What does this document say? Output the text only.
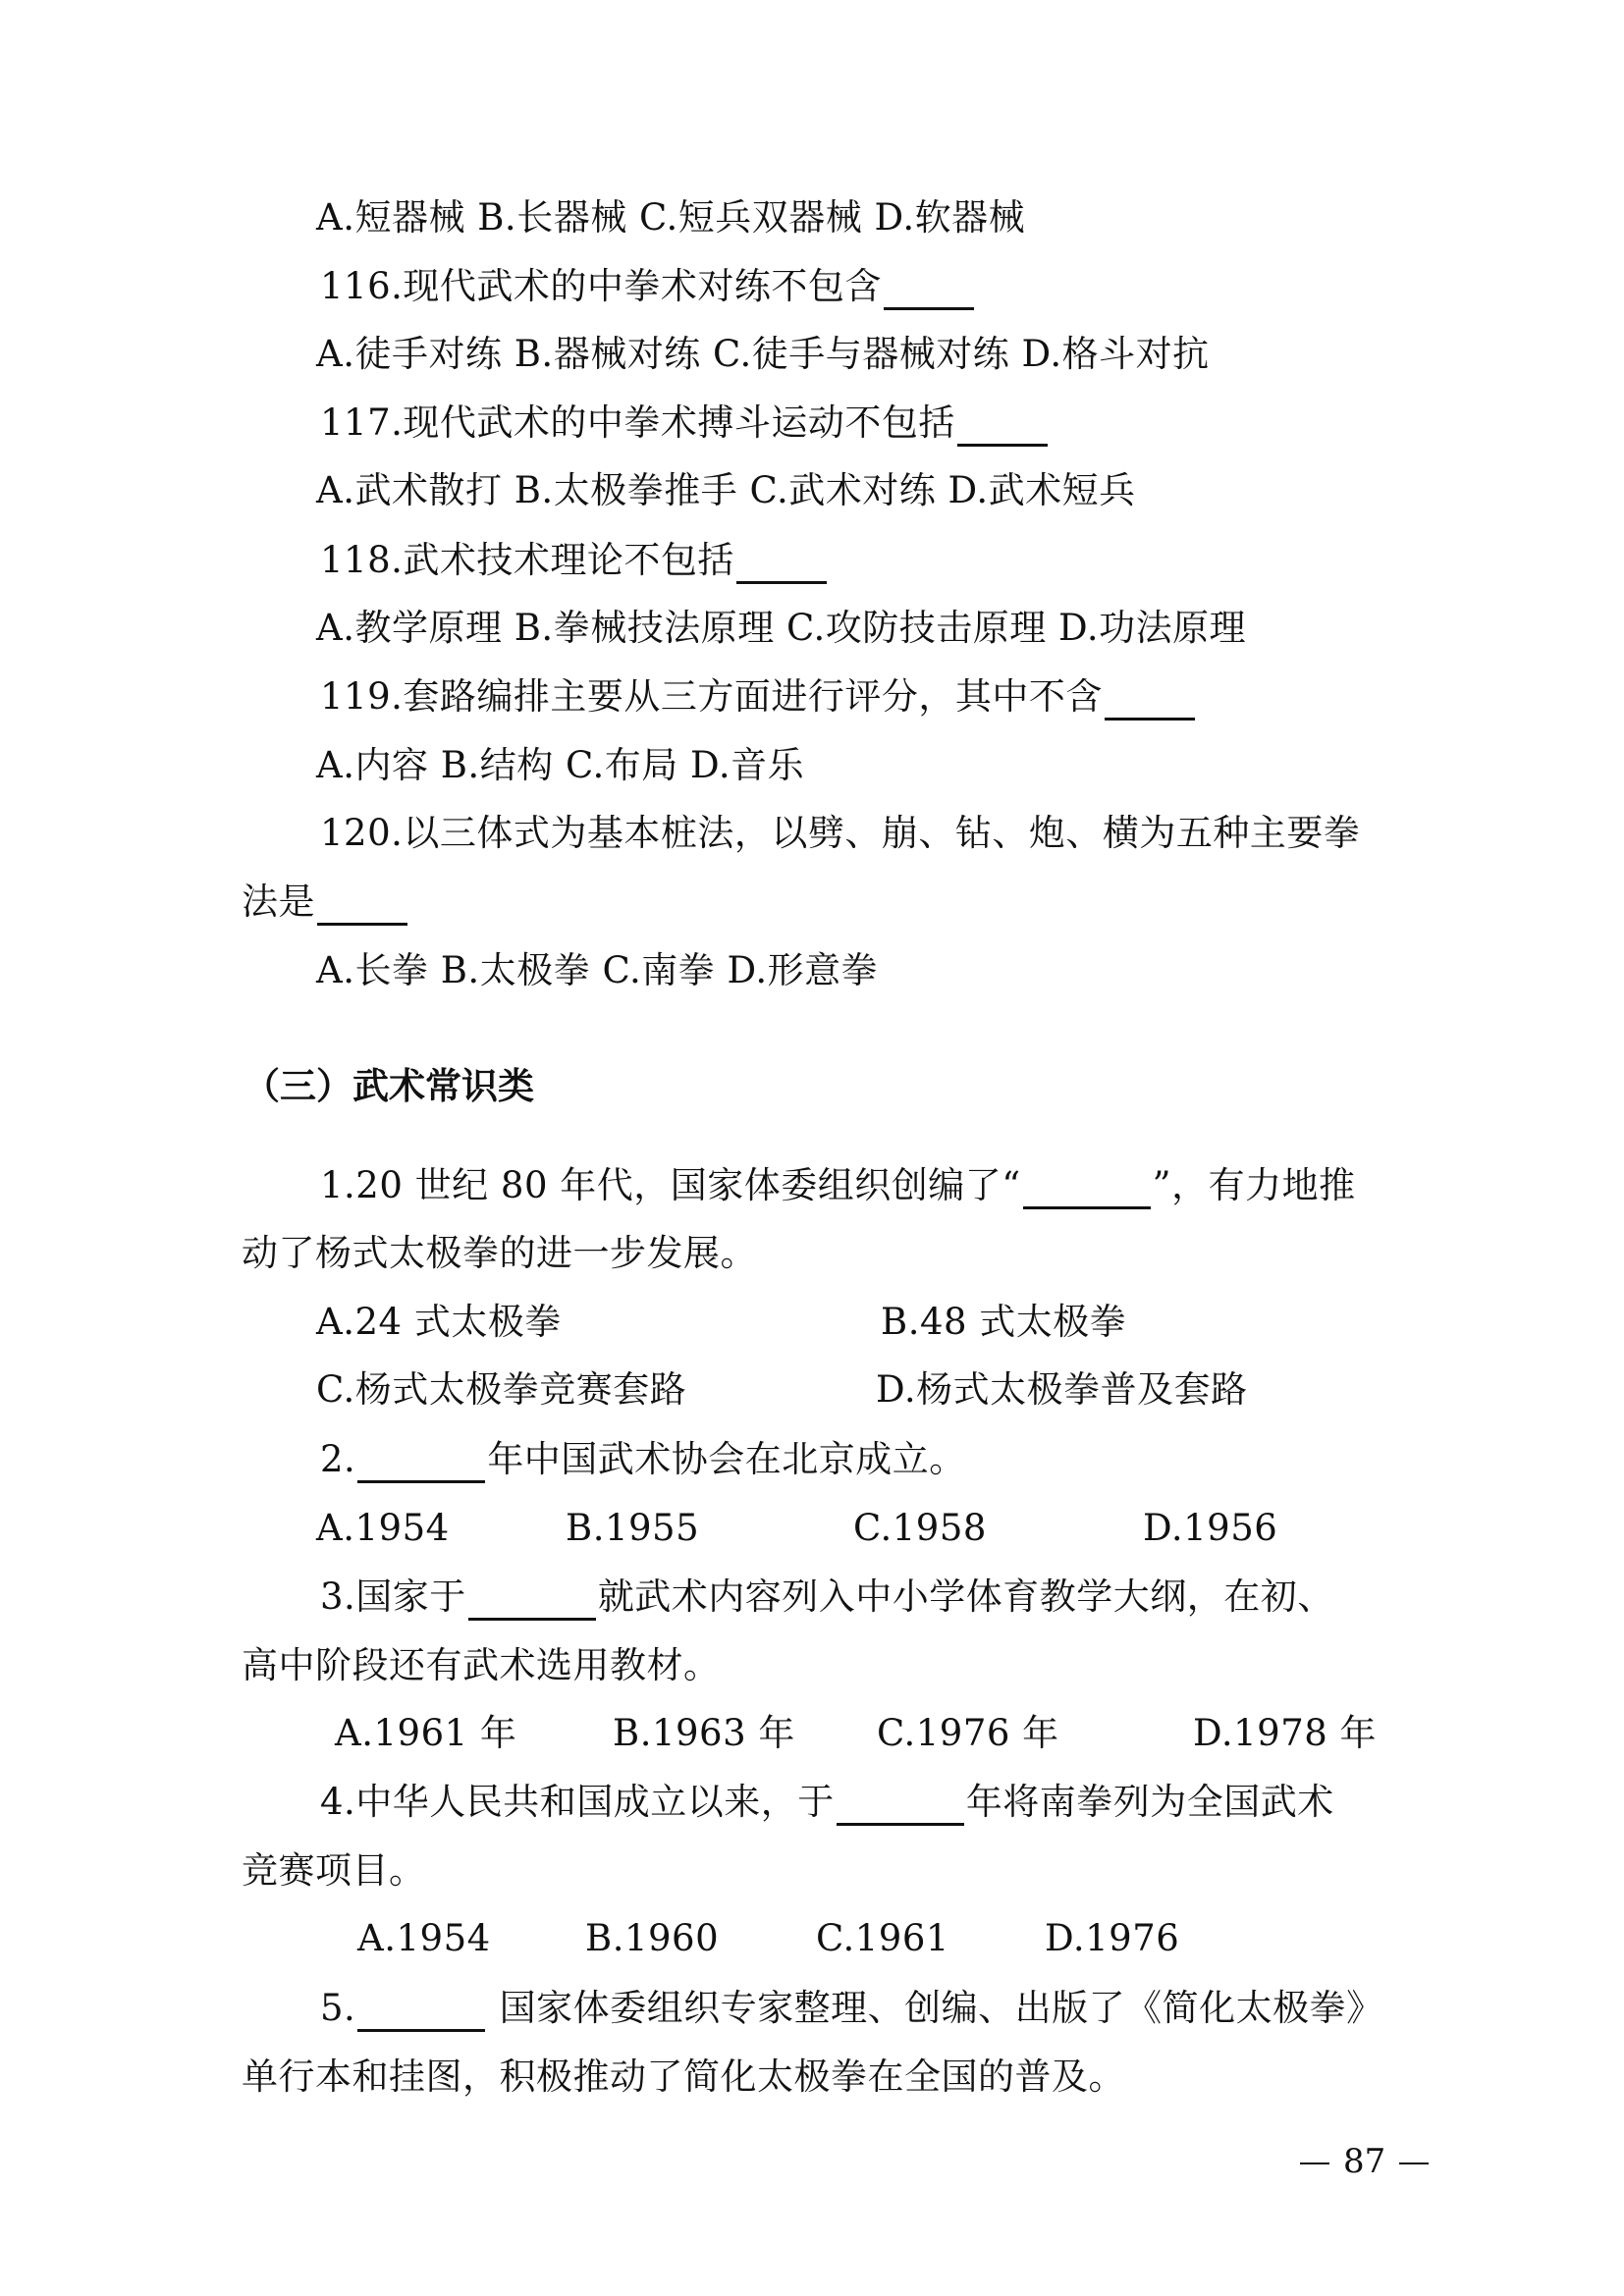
A.短器械 B.长器械 C.短兵双器械 D.软器械
116.现代武术的中拳术对练不包含
A.徒手对练 B.器械对练 C.徒手与器械对练 D.格斗对抗
117.现代武术的中拳术搏斗运动不包括
A.武术散打 B.太极拳推手 C.武术对练 D.武术短兵
118.武术技术理论不包括
A.教学原理 B.拳械技法原理 C.攻防技击原理 D.功法原理
119.套路编排主要从三方面进行评分，其中不含
A.内容 B.结构 C.布局 D.音乐
120.以三体式为基本桩法，以劈、崩、钻、炮、横为五种主要拳
法是
A.长拳 B.太极拳 C.南拳 D.形意拳
（三）武术常识类
1.20 世纪 80 年代，国家体委组织创编了“	”，有力地推
动了杨式太极拳的进一步发展。
A.24 式太极拳	B.48 式太极拳
C.杨式太极拳竞赛套路	D.杨式太极拳普及套路
2.	年中国武术协会在北京成立。
A.1954	B.1955	C.1958	D.1956
3.国家于	就武术内容列入中小学体育教学大纲，在初、
高中阶段还有武术选用教材。
A.1961 年	B.1963 年 C.1976 年	D.1978 年
4.中华人民共和国成立以来，于	年将南拳列为全国武术
竞赛项目。
A.1954	B.1960	C.1961	D.1976
5.	国家体委组织专家整理、创编、出版了《简化太极拳》
单行本和挂图，积极推动了简化太极拳在全国的普及。
87
